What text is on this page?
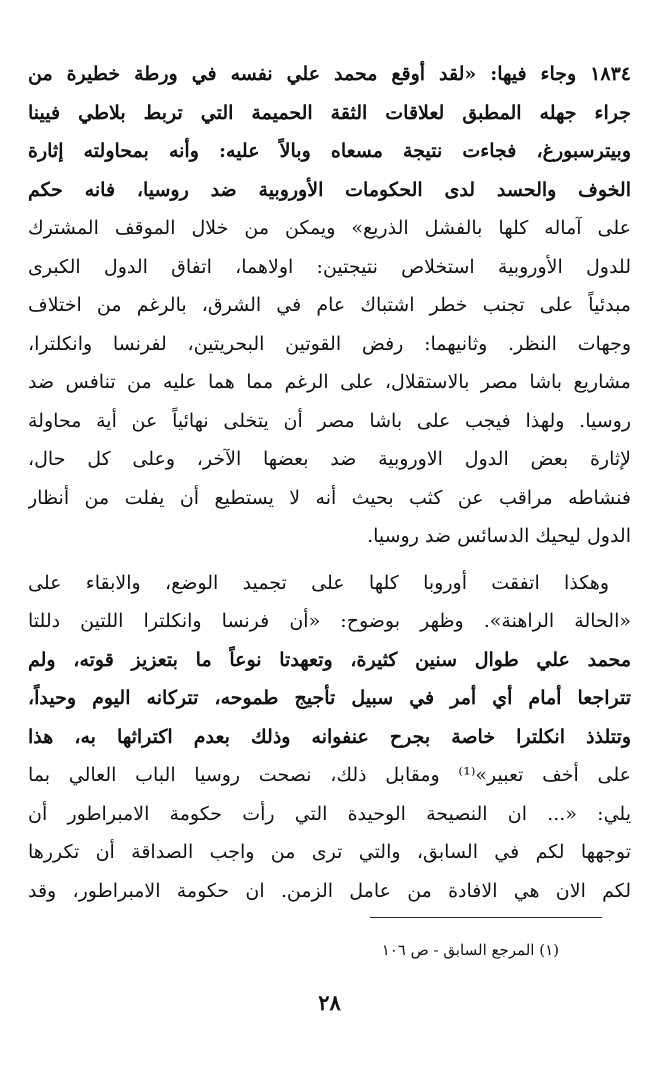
١٨٣٤ وجاء فيها: «لقد أوقع محمد علي نفسه في ورطة خطيرة من
جراء جهله المطبق لعلاقات الثقة الحميمة التي تربط بلاطي فيينا
وبيترسبورغ، فجاءت نتيجة مسعاه وبالاً عليه: وأنه بمحاولته إثارة
الخوف والحسد لدى الحكومات الأوروبية ضد روسيا، فانه حكم
على آماله كلها بالفشل الذريع» ويمكن من خلال الموقف المشترك
للدول الأوروبية استخلاص نتيجتين: اولاهما، اتفاق الدول الكبرى
مبدئياً على تجنب خطر اشتباك عام في الشرق، بالرغم من اختلاف
وجهات النظر. وثانيهما: رفض القوتين البحريتين، لفرنسا وانكلترا،
مشاريع باشا مصر بالاستقلال، على الرغم مما هما عليه من تنافس ضد
روسيا. ولهذا فيجب على باشا مصر أن يتخلى نهائياً عن أية محاولة
لإثارة بعض الدول الاوروبية ضد بعضها الآخر، وعلى كل حال،
فنشاطه مراقب عن كثب بحيث أنه لا يستطيع أن يفلت من أنظار
الدول ليحيك الدسائس ضد روسيا.
وهكذا اتفقت أوروبا كلها على تجميد الوضع، والابقاء على
«الحالة الراهنة». وظهر بوضوح: «أن فرنسا وانكلترا اللتين دللتا
محمد علي طوال سنين كثيرة، وتعهدتا نوعاً ما بتعزيز قوته، ولم
تتراجعا أمام أي أمر في سبيل تأجيج طموحه، تتركانه اليوم وحيداً،
وتتلذذ انكلترا خاصة بجرح عنفوانه وذلك بعدم اكتراثها به، هذا
على أخف تعبير»⁽¹⁾ ومقابل ذلك، نصحت روسيا الباب العالي بما
يلي: «... ان النصيحة الوحيدة التي رأت حكومة الامبراطور أن
توجهها لكم في السابق، والتي ترى من واجب الصداقة أن تكررها
لكم الان هي الافادة من عامل الزمن. ان حكومة الامبراطور، وقد
(١) المرجع السابق - ص ١٠٦
٢٨
